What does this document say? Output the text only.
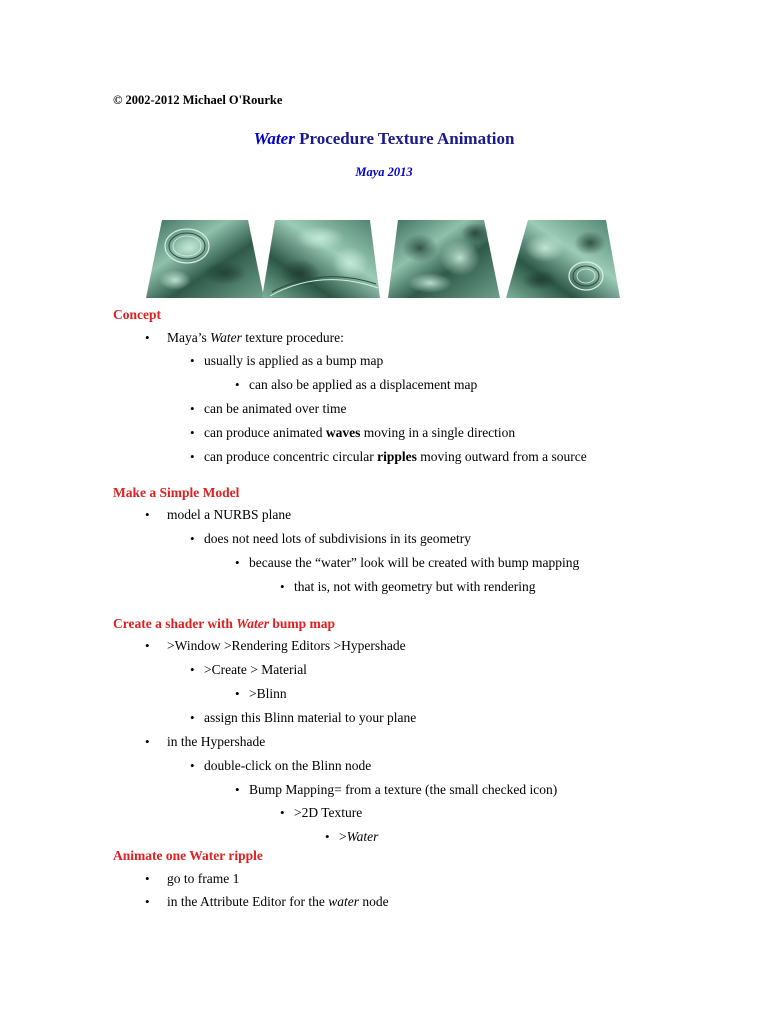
© 2002-2012 Michael O'Rourke
Water Procedure Texture Animation
Maya 2013
Concept
• Maya’s Water texture procedure:
• usually is applied as a bump map
• can also be applied as a displacement map
• can be animated over time
• can produce animated waves moving in a single direction
• can produce concentric circular ripples moving outward from a source
Make a Simple Model
• model a NURBS plane
• does not need lots of subdivisions in its geometry
• because the “water” look will be created with bump mapping
• that is, not with geometry but with rendering
Create a shader with Water bump map
• >Window >Rendering Editors >Hypershade
• >Create > Material
• >Blinn
• assign this Blinn material to your plane
• in the Hypershade
• double-click on the Blinn node
• Bump Mapping= from a texture (the small checked icon)
• >2D Texture
• >Water
Animate one Water ripple
• go to frame 1
• in the Attribute Editor for the water node
